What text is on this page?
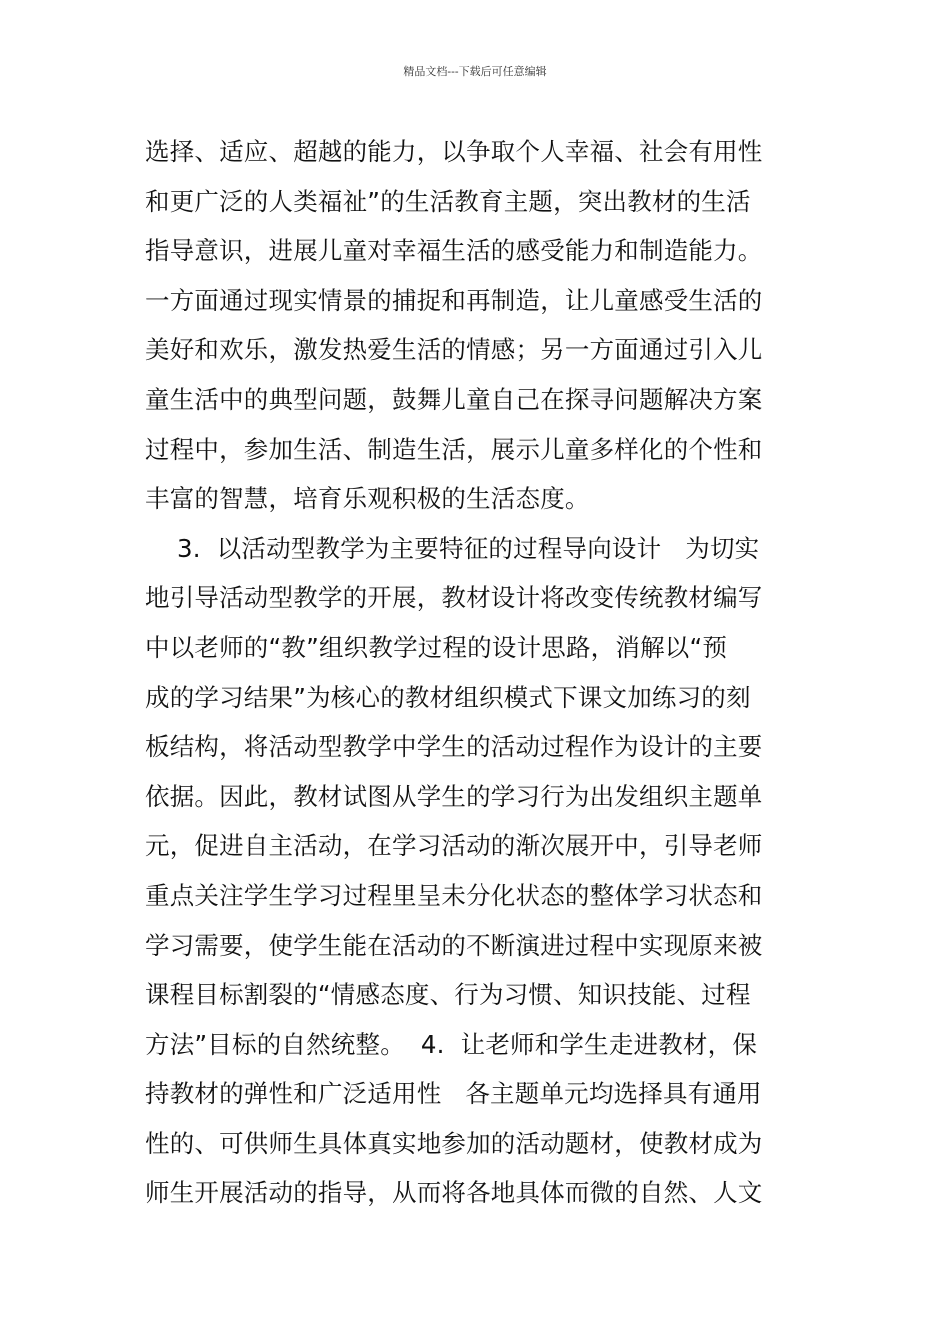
精品文档---下载后可任意编辑
选择、适应、超越的能力，以争取个人幸福、社会有用性
和更广泛的人类福祉”的生活教育主题，突出教材的生活
指导意识，进展儿童对幸福生活的感受能力和制造能力。
一方面通过现实情景的捕捉和再制造，让儿童感受生活的
美好和欢乐，激发热爱生活的情感；另一方面通过引入儿
童生活中的典型问题，鼓舞儿童自己在探寻问题解决方案
过程中，参加生活、制造生活，展示儿童多样化的个性和
丰富的智慧，培育乐观积极的生活态度。
3.  以活动型教学为主要特征的过程导向设计   为切实
地引导活动型教学的开展，教材设计将改变传统教材编写
中以老师的“教”组织教学过程的设计思路，消解以“预
成的学习结果”为核心的教材组织模式下课文加练习的刻
板结构，将活动型教学中学生的活动过程作为设计的主要
依据。因此，教材试图从学生的学习行为出发组织主题单
元，促进自主活动，在学习活动的渐次展开中，引导老师
重点关注学生学习过程里呈未分化状态的整体学习状态和
学习需要，使学生能在活动的不断演进过程中实现原来被
课程目标割裂的“情感态度、行为习惯、知识技能、过程
方法”目标的自然统整。  4.  让老师和学生走进教材，保
持教材的弹性和广泛适用性   各主题单元均选择具有通用
性的、可供师生具体真实地参加的活动题材，使教材成为
师生开展活动的指导，从而将各地具体而微的自然、人文
